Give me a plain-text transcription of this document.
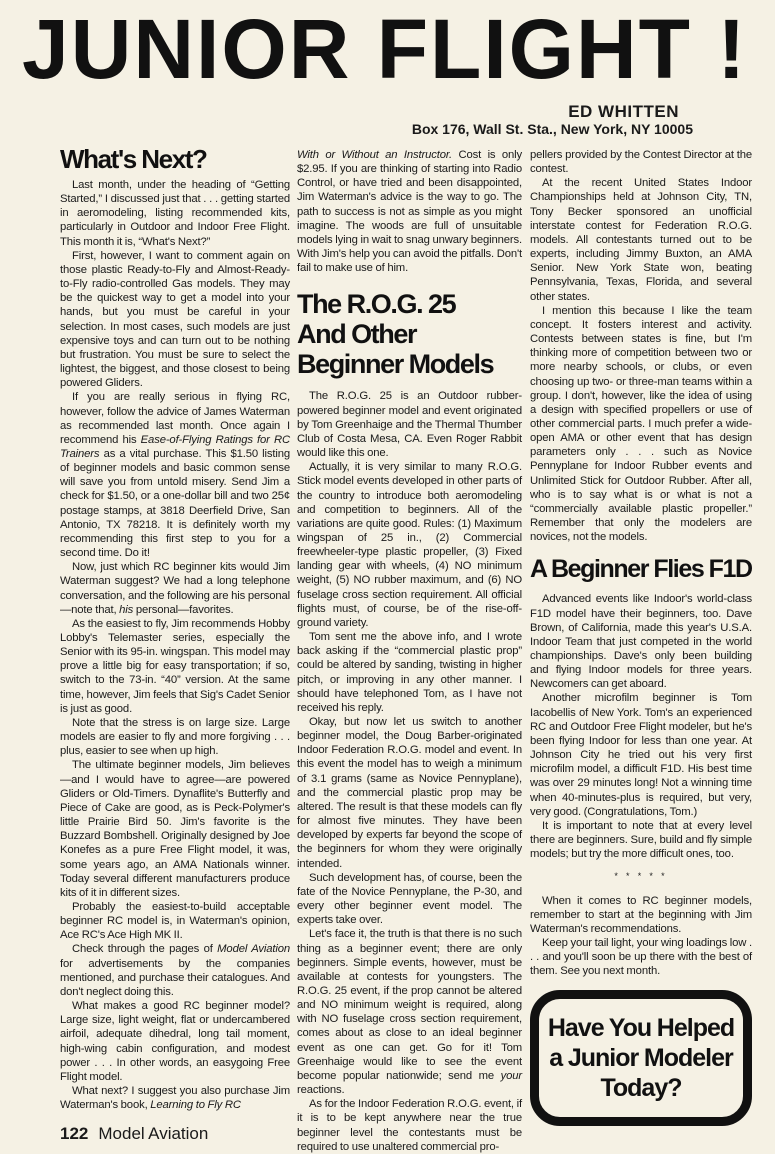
JUNIOR FLIGHT !
ED WHITTEN
Box 176, Wall St. Sta., New York, NY 10005
What's Next?

Last month, under the heading of “Getting Started,” I discussed just that . . . getting started in aeromodeling, listing recommended kits, particularly in Outdoor and Indoor Free Flight. This month it is, “What's Next?”

First, however, I want to comment again on those plastic Ready-to-Fly and Almost-Ready-to-Fly radio-controlled Gas models. They may be the quickest way to get a model into your hands, but you must be careful in your selection. In most cases, such models are just expensive toys and can turn out to be nothing but frustration. You must be sure to select the lightest, the biggest, and those closest to being powered Gliders.

If you are really serious in flying RC, however, follow the advice of James Waterman as recommended last month. Once again I recommend his Ease-of-Flying Ratings for RC Trainers as a vital purchase. This $1.50 listing of beginner models and basic common sense will save you from untold misery. Send Jim a check for $1.50, or a one-dollar bill and two 25¢ postage stamps, at 3818 Deerfield Drive, San Antonio, TX 78218. It is definitely worth my recommending this first step to you for a second time. Do it!

Now, just which RC beginner kits would Jim Waterman suggest? We had a long telephone conversation, and the following are his personal—note that, his personal—favorites.

As the easiest to fly, Jim recommends Hobby Lobby's Telemaster series, especially the Senior with its 95-in. wingspan. This model may prove a little big for easy transportation; if so, switch to the 73-in. “40” version. At the same time, however, Jim feels that Sig's Cadet Senior is just as good.

Note that the stress is on large size. Large models are easier to fly and more forgiving . . . plus, easier to see when up high.

The ultimate beginner models, Jim believes—and I would have to agree—are powered Gliders or Old-Timers. Dynaflite's Butterfly and Piece of Cake are good, as is Peck-Polymer's little Prairie Bird 50. Jim's favorite is the Buzzard Bombshell. Originally designed by Joe Konefes as a pure Free Flight model, it was, some years ago, an AMA Nationals winner. Today several different manufacturers produce kits of it in different sizes.

Probably the easiest-to-build acceptable beginner RC model is, in Waterman's opinion, Ace RC's Ace High MK II.

Check through the pages of Model Aviation for advertisements by the companies mentioned, and purchase their catalogues. And don't neglect doing this.

What makes a good RC beginner model? Large size, light weight, flat or undercambered airfoil, adequate dihedral, long tail moment, high-wing cabin configuration, and modest power . . . In other words, an easygoing Free Flight model.

What next? I suggest you also purchase Jim Waterman's book, Learning to Fly RC

122 Model Aviation

With or Without an Instructor. Cost is only $2.95. If you are thinking of starting into Radio Control, or have tried and been disappointed, Jim Waterman's advice is the way to go. The path to success is not as simple as you might imagine. The woods are full of unsuitable models lying in wait to snag unwary beginners. With Jim's help you can avoid the pitfalls. Don't fail to make use of him.

The R.O.G. 25
And Other
Beginner Models

The R.O.G. 25 is an Outdoor rubber-powered beginner model and event originated by Tom Greenhaige and the Thermal Thumber Club of Costa Mesa, CA. Even Roger Rabbit would like this one.

Actually, it is very similar to many R.O.G. Stick model events developed in other parts of the country to introduce both aeromodeling and competition to beginners. All of the variations are quite good. Rules: (1) Maximum wingspan of 25 in., (2) Commercial freewheeler-type plastic propeller, (3) Fixed landing gear with wheels, (4) NO minimum weight, (5) NO rubber maximum, and (6) NO fuselage cross section requirement. All official flights must, of course, be of the rise-off-ground variety.

Tom sent me the above info, and I wrote back asking if the “commercial plastic prop” could be altered by sanding, twisting in higher pitch, or improving in any other manner. I should have telephoned Tom, as I have not received his reply.

Okay, but now let us switch to another beginner model, the Doug Barber-originated Indoor Federation R.O.G. model and event. In this event the model has to weigh a minimum of 3.1 grams (same as Novice Pennyplane), and the commercial plastic prop may be altered. The result is that these models can fly for almost five minutes. They have been developed by experts far beyond the scope of the beginners for whom they were originally intended.

Such development has, of course, been the fate of the Novice Pennyplane, the P-30, and every other beginner event model. The experts take over.

Let's face it, the truth is that there is no such thing as a beginner event; there are only beginners. Simple events, however, must be available at contests for youngsters. The R.O.G. 25 event, if the prop cannot be altered and NO minimum weight is required, along with NO fuselage cross section requirement, comes about as close to an ideal beginner event as one can get. Go for it! Tom Greenhaige would like to see the event become popular nationwide; send me your reactions.

As for the Indoor Federation R.O.G. event, if it is to be kept anywhere near the true beginner level the contestants must be required to use unaltered commercial pro-

pellers provided by the Contest Director at the contest.

At the recent United States Indoor Championships held at Johnson City, TN, Tony Becker sponsored an unofficial interstate contest for Federation R.O.G. models. All contestants turned out to be experts, including Jimmy Buxton, an AMA Senior. New York State won, beating Pennsylvania, Texas, Florida, and several other states.

I mention this because I like the team concept. It fosters interest and activity. Contests between states is fine, but I'm thinking more of competition between two or more nearby schools, or clubs, or even choosing up two- or three-man teams within a group. I don't, however, like the idea of using a design with specified propellers or use of other commercial parts. I much prefer a wide-open AMA or other event that has design parameters only . . . such as Novice Pennyplane for Indoor Rubber events and Unlimited Stick for Outdoor Rubber. After all, who is to say what is or what is not a “commercially available plastic propeller.” Remember that only the modelers are novices, not the models.

A Beginner Flies F1D

Advanced events like Indoor's world-class F1D model have their beginners, too. Dave Brown, of California, made this year's U.S.A. Indoor Team that just competed in the world championships. Dave's only been building and flying Indoor models for three years. Newcomers can get aboard.

Another microfilm beginner is Tom Iacobellis of New York. Tom's an experienced RC and Outdoor Free Flight modeler, but he's been flying Indoor for less than one year. At Johnson City he tried out his very first microfilm model, a difficult F1D. His best time was over 29 minutes long! Not a winning time when 40-minutes-plus is required, but very, very good. (Congratulations, Tom.)

It is important to note that at every level there are beginners. Sure, build and fly simple models; but try the more difficult ones, too.

* * * * *

When it comes to RC beginner models, remember to start at the beginning with Jim Waterman's recommendations.

Keep your tail light, your wing loadings low . . . and you'll soon be up there with the best of them. See you next month.

Have You Helped
a Junior Modeler
Today?
